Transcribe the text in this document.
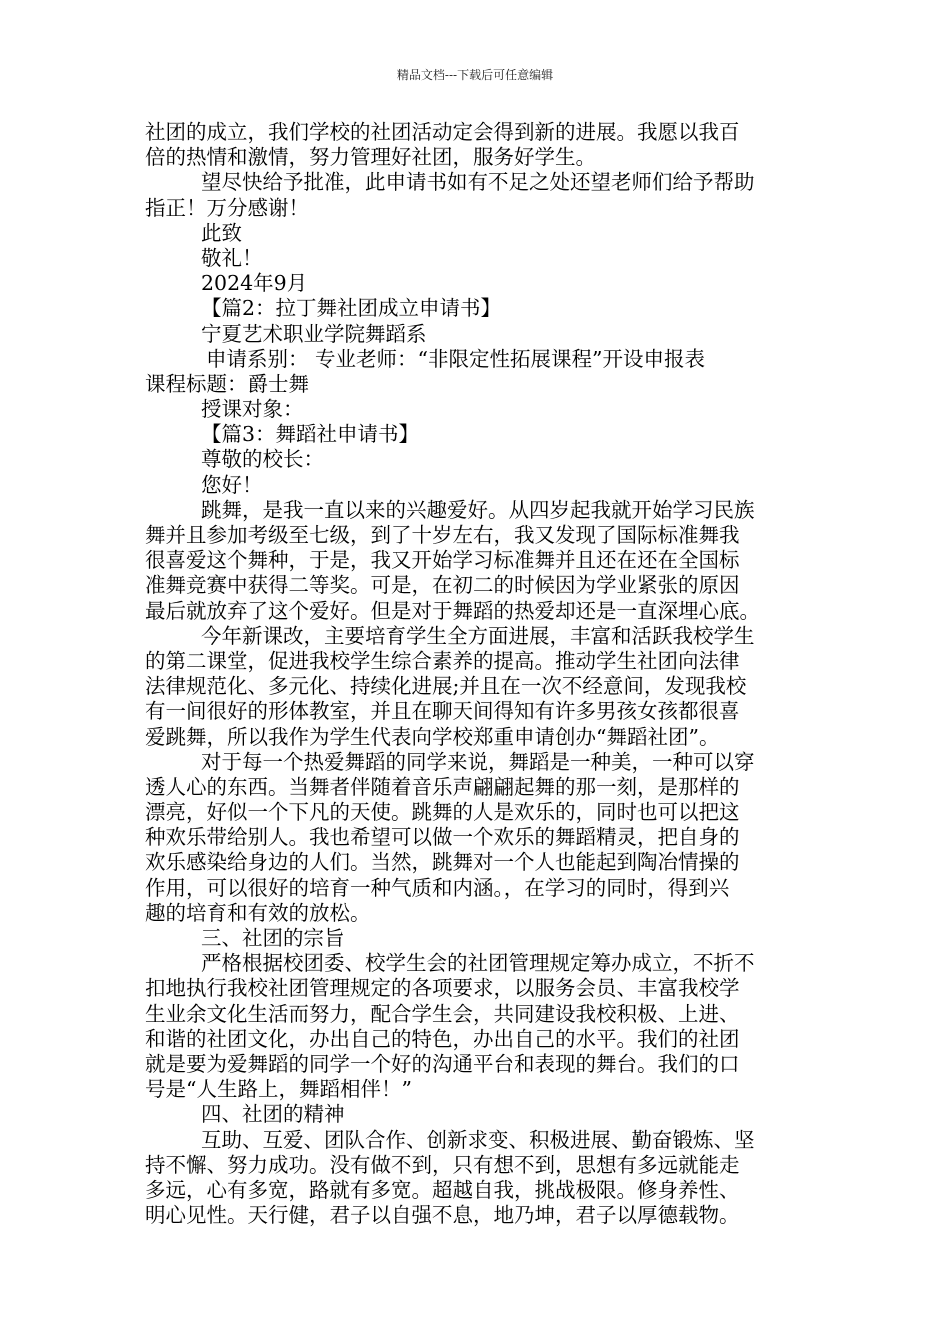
精品文档---下载后可任意编辑
社团的成立，我们学校的社团活动定会得到新的进展。我愿以我百
倍的热情和激情，努力管理好社团，服务好学生。
望尽快给予批准，此申请书如有不足之处还望老师们给予帮助
指正！万分感谢！
此致
敬礼！
2024年9月
【篇2：拉丁舞社团成立申请书】
宁夏艺术职业学院舞蹈系
申请系别： 专业老师：“非限定性拓展课程”开设申报表
课程标题：爵士舞
授课对象：
【篇3：舞蹈社申请书】
尊敬的校长：
您好！
跳舞，是我一直以来的兴趣爱好。从四岁起我就开始学习民族
舞并且参加考级至七级，到了十岁左右，我又发现了国际标准舞我
很喜爱这个舞种，于是，我又开始学习标准舞并且还在还在全国标
准舞竞赛中获得二等奖。可是，在初二的时候因为学业紧张的原因
最后就放弃了这个爱好。但是对于舞蹈的热爱却还是一直深埋心底。
今年新课改，主要培育学生全方面进展，丰富和活跃我校学生
的第二课堂，促进我校学生综合素养的提高。推动学生社团向法律
法律规范化、多元化、持续化进展;并且在一次不经意间，发现我校
有一间很好的形体教室，并且在聊天间得知有许多男孩女孩都很喜
爱跳舞，所以我作为学生代表向学校郑重申请创办“舞蹈社团”。
对于每一个热爱舞蹈的同学来说，舞蹈是一种美，一种可以穿
透人心的东西。当舞者伴随着音乐声翩翩起舞的那一刻，是那样的
漂亮，好似一个下凡的天使。跳舞的人是欢乐的，同时也可以把这
种欢乐带给别人。我也希望可以做一个欢乐的舞蹈精灵，把自身的
欢乐感染给身边的人们。当然，跳舞对一个人也能起到陶冶情操的
作用，可以很好的培育一种气质和内涵。，在学习的同时，得到兴
趣的培育和有效的放松。
三、社团的宗旨
严格根据校团委、校学生会的社团管理规定筹办成立，不折不
扣地执行我校社团管理规定的各项要求，以服务会员、丰富我校学
生业余文化生活而努力，配合学生会，共同建设我校积极、上进、
和谐的社团文化，办出自己的特色，办出自己的水平。我们的社团
就是要为爱舞蹈的同学一个好的沟通平台和表现的舞台。我们的口
号是“人生路上，舞蹈相伴！”
四、社团的精神
互助、互爱、团队合作、创新求变、积极进展、勤奋锻炼、坚
持不懈、努力成功。没有做不到，只有想不到，思想有多远就能走
多远，心有多宽，路就有多宽。超越自我，挑战极限。修身养性、
明心见性。天行健，君子以自强不息，地乃坤，君子以厚德载物。
